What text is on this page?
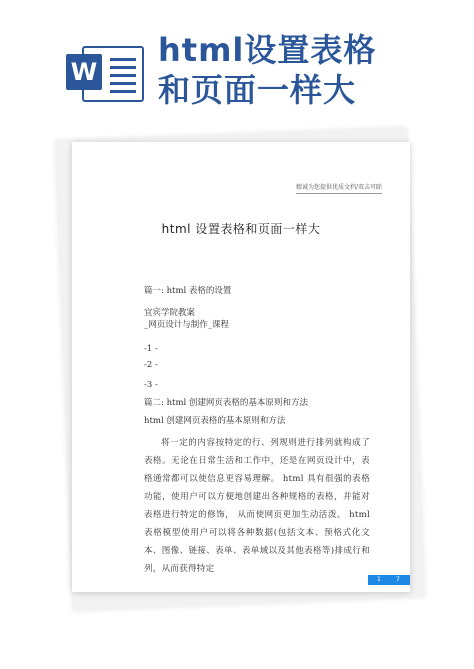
W
html设置表格
和页面一样大
精诚为您提供优质文档/双击可除
html 设置表格和页面一样大
篇一: html 表格的设置
宜宾学院教案
_网页设计与制作_课程
-1 -
-2 -
-3 -
篇二: html 创建网页表格的基本原则和方法
html 创建网页表格的基本原则和方法
将一定的内容按特定的行、列规则进行排列就构成了表格。无论在日常生活和工作中，还是在网页设计中，表格通常都可以使信息更容易理解。 html 具有很强的表格功能，使用户可以方便地创建出各种规格的表格，并能对表格进行特定的修饰， 从而使网页更加生动活泼。 html 表格模型使用户可以将各种数据(包括文本、预格式化文本、图像、链接、表单、表单域以及其他表格等)排成行和列，从而获得特定
1	7
